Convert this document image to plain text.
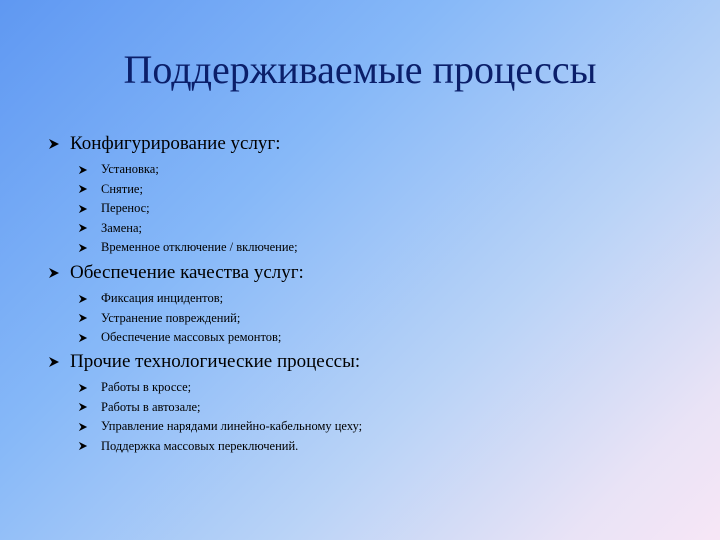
Поддерживаемые процессы
Конфигурирование услуг:
Установка;
Снятие;
Перенос;
Замена;
Временное отключение / включение;
Обеспечение качества услуг:
Фиксация инцидентов;
Устранение повреждений;
Обеспечение массовых ремонтов;
Прочие технологические процессы:
Работы в кроссе;
Работы в автозале;
Управление нарядами линейно-кабельному цеху;
Поддержка массовых переключений.
